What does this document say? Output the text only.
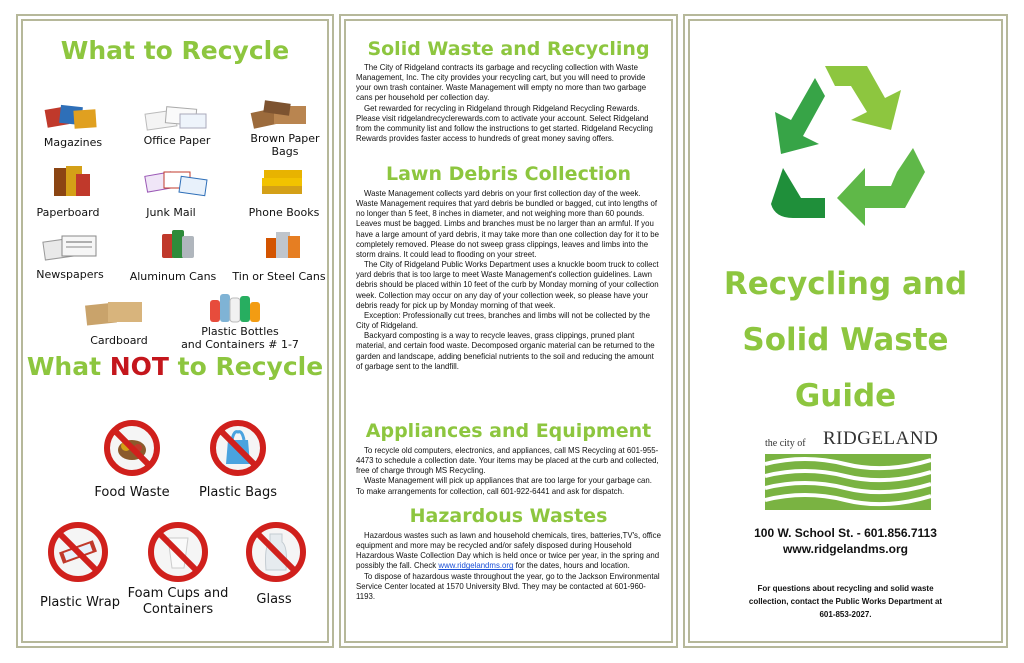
What to Recycle
Magazines	Office Paper	Brown Paper Bags
Paperboard	Junk Mail	Phone Books
Newspapers	Aluminum Cans	Tin or Steel Cans
Cardboard
Plastic Bottles
and Containers # 1-7
What NOT to Recycle
Food Waste	Plastic Bags
Plastic Wrap
Foam Cups and
Containers
Glass
Solid Waste and Recycling

The City of Ridgeland contracts its garbage and recycling collection with Waste Management, Inc. The city provides your recycling cart, but you will need to provide your own trash container. Waste Management will empty no more than two garbage cans per household per collection day.

Get rewarded for recycling in Ridgeland through Ridgeland Recycling Rewards. Please visit ridgelandrecyclerewards.com to activate your account. Select Ridgeland from the community list and follow the instructions to get started. Ridgeland Recycling Rewards provides faster access to hundreds of great money saving offers.

Lawn Debris Collection

Waste Management collects yard debris on your first collection day of the week. Waste Management requires that yard debris be bundled or bagged, cut into lengths of no longer than 5 feet, 8 inches in diameter, and not weighing more than 60 pounds. Leaves must be bagged. Limbs and branches must be no larger than an armful. If you have a large amount of yard debris, it may take more than one collection day for it to be completely removed. Please do not sweep grass clippings, leaves and limbs into the storm drains. It could lead to flooding on your street.

The City of Ridgeland Public Works Department uses a knuckle boom truck to collect yard debris that is too large to meet Waste Management's collection guidelines. Lawn debris should be placed within 10 feet of the curb by Monday morning of your collection week. Collection may occur on any day of your collection week, so please have your debris ready for pick up by Monday morning of that week.

Exception: Professionally cut trees, branches and limbs will not be collected by the City of Ridgeland.

Backyard composting is a way to recycle leaves, grass clippings, pruned plant material, and certain food waste. Decomposed organic material can be returned to the garden and landscape, adding beneficial nutrients to the soil and reducing the amount of garbage sent to the landfill.

Appliances and Equipment

To recycle old computers, electronics, and appliances, call MS Recycling at 601-955-4473 to schedule a collection date. Your items may be placed at the curb and collected, free of charge through MS Recycling.

Waste Management will pick up appliances that are too large for your garbage can. To make arrangements for collection, call 601-922-6441 and ask for dispatch.

Hazardous Wastes

Hazardous wastes such as lawn and household chemicals, tires, batteries,TV's, office equipment and more may be recycled and/or safely disposed during Household Hazardous Waste Collection Day which is held once or twice per year, in the spring and possibly the fall. Check www.ridgelandms.org for the dates, hours and location.

To dispose of hazardous waste throughout the year, go to the Jackson Environmental Service Center located at 1570 University Blvd. They may be contacted at 601-960-1193.

Recycling and
Solid Waste
Guide
the city of RIDGELAND
100 W. School St. - 601.856.7113
www.ridgelandms.org
For questions about recycling and solid waste collection, contact the Public Works Department at 601-853-2027.
